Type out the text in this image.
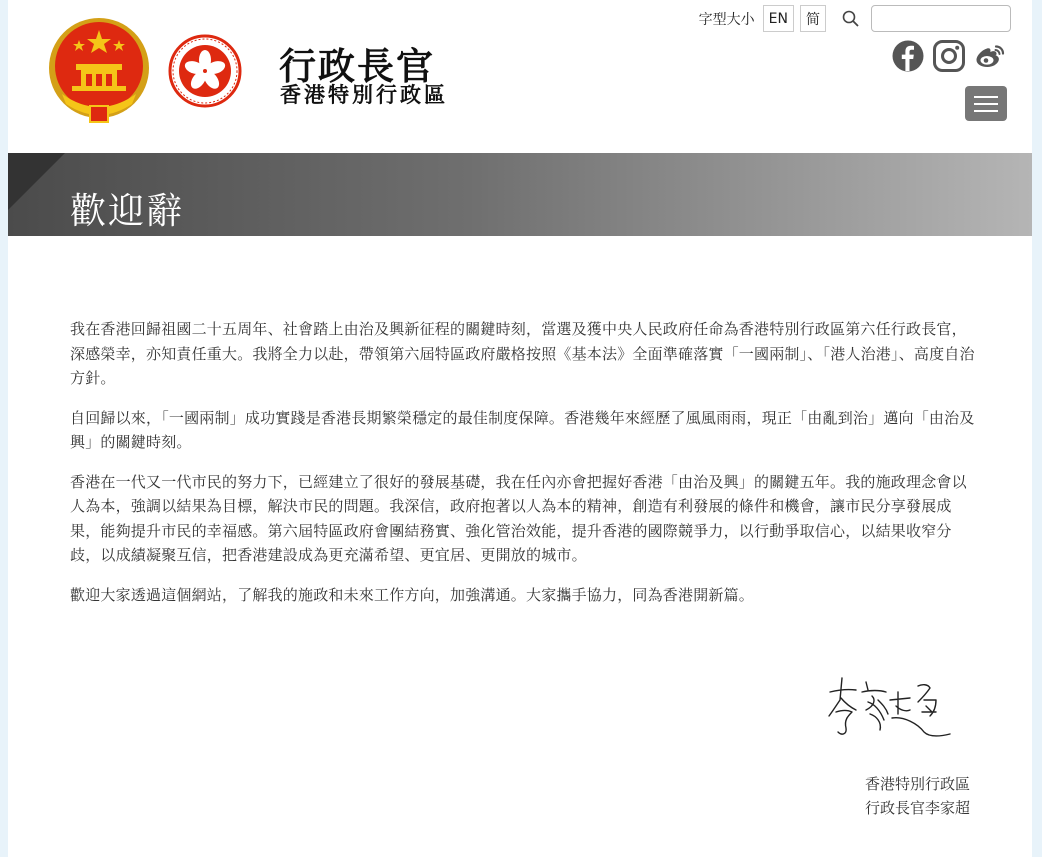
行政長官
香港特別行政區
字型大小	EN	简
歡迎辭

我在香港回歸祖國二十五周年、社會踏上由治及興新征程的關鍵時刻，當選及獲中央人民政府任命為香港特別行政區第六任行政長官，深感榮幸，亦知責任重大。我將全力以赴，帶領第六屆特區政府嚴格按照《基本法》全面準確落實「一國兩制」、「港人治港」、高度自治方針。

自回歸以來，「一國兩制」成功實踐是香港長期繁榮穩定的最佳制度保障。香港幾年來經歷了風風雨雨，現正「由亂到治」邁向「由治及興」的關鍵時刻。

香港在一代又一代市民的努力下，已經建立了很好的發展基礎，我在任內亦會把握好香港「由治及興」的關鍵五年。我的施政理念會以人為本，強調以結果為目標，解決市民的問題。我深信，政府抱著以人為本的精神，創造有利發展的條件和機會，讓市民分享發展成果，能夠提升市民的幸福感。第六屆特區政府會團結務實、強化管治效能，提升香港的國際競爭力，以行動爭取信心，以結果收窄分歧，以成績凝聚互信，把香港建設成為更充滿希望、更宜居、更開放的城市。

歡迎大家透過這個網站，了解我的施政和未來工作方向，加強溝通。大家攜手協力，同為香港開新篇。

香港特別行政區
行政長官李家超
